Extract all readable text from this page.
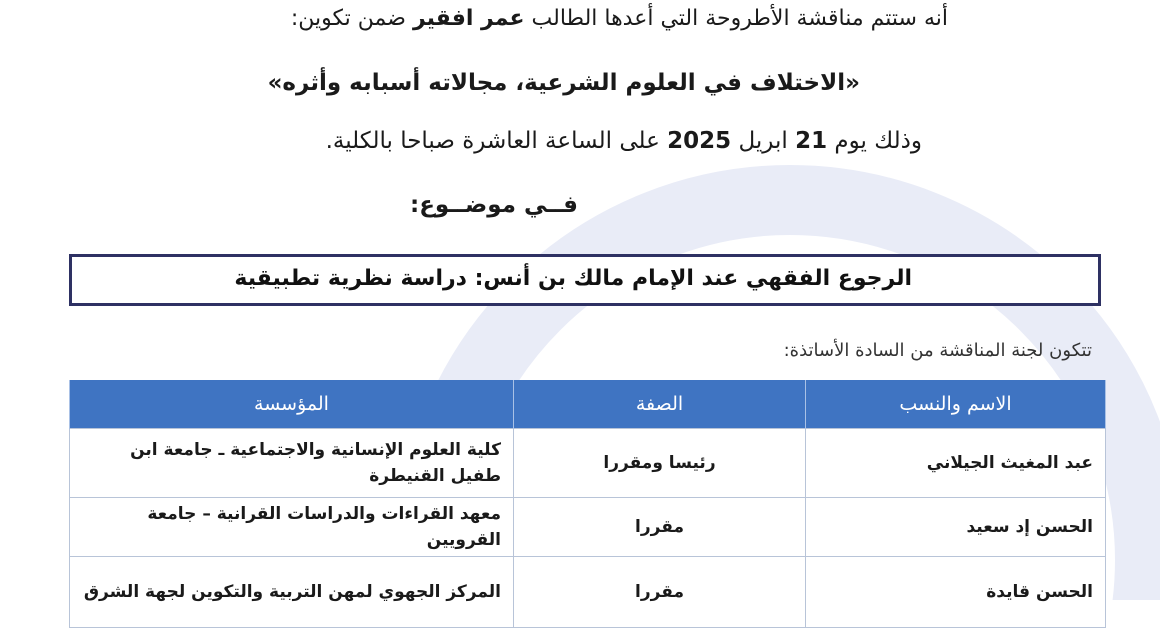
أنه ستتم مناقشة الأطروحة التي أعدها الطالب عمر افقير ضمن تكوين:
«الاختلاف في العلوم الشرعية، مجالاته أسبابه وأثره»
وذلك يوم 21 ابريل 2025 على الساعة العاشرة صباحا بالكلية.
فــي موضــوع:
الرجوع الفقهي عند الإمام مالك بن أنس: دراسة نظرية تطبيقية
تتكون لجنة المناقشة من السادة الأساتذة:
الاسم والنسب	الصفة	المؤسسة
عبد المغيث الجيلاني	رئيسا ومقررا	كلية العلوم الإنسانية والاجتماعية ـ جامعة ابن طفيل القنيطرة
الحسن إد سعيد	مقررا	معهد القراءات والدراسات القرانية – جامعة القرويين
الحسن قايدة	مقررا	المركز الجهوي لمهن التربية والتكوين لجهة الشرق
